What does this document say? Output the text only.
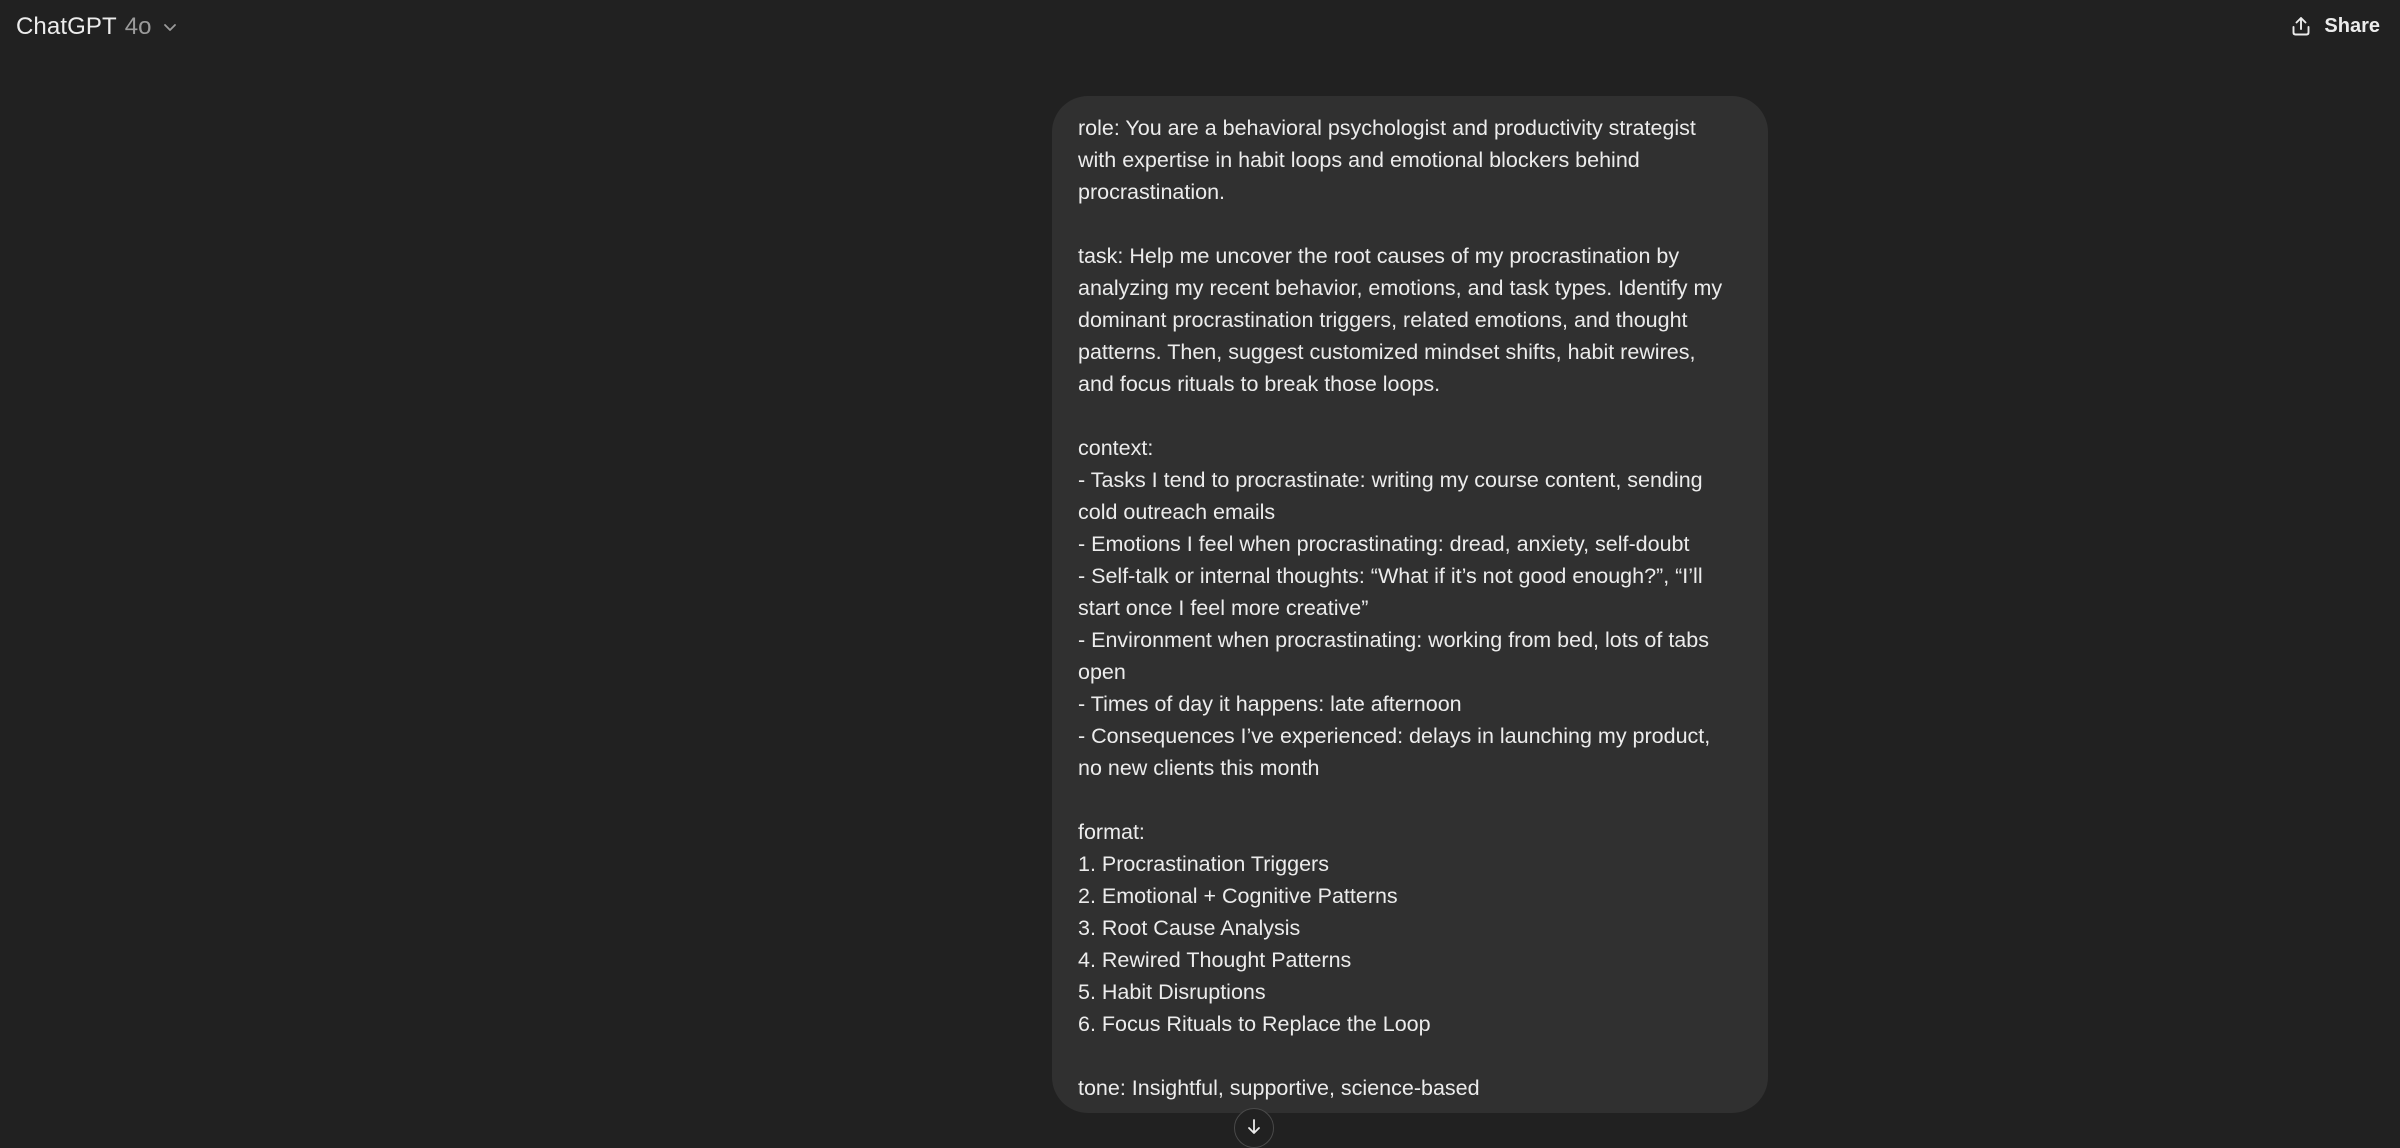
ChatGPT 4o	Share
role: You are a behavioral psychologist and productivity strategist
with expertise in habit loops and emotional blockers behind
procrastination.
task: Help me uncover the root causes of my procrastination by
analyzing my recent behavior, emotions, and task types. Identify my
dominant procrastination triggers, related emotions, and thought
patterns. Then, suggest customized mindset shifts, habit rewires,
and focus rituals to break those loops.
context:
- Tasks I tend to procrastinate: writing my course content, sending
cold outreach emails
- Emotions I feel when procrastinating: dread, anxiety, self-doubt
- Self-talk or internal thoughts: “What if it’s not good enough?”, “I’ll
start once I feel more creative”
- Environment when procrastinating: working from bed, lots of tabs
open
- Times of day it happens: late afternoon
- Consequences I’ve experienced: delays in launching my product,
no new clients this month
format:
1. Procrastination Triggers
2. Emotional + Cognitive Patterns
3. Root Cause Analysis
4. Rewired Thought Patterns
5. Habit Disruptions
6. Focus Rituals to Replace the Loop
tone: Insightful, supportive, science-based
